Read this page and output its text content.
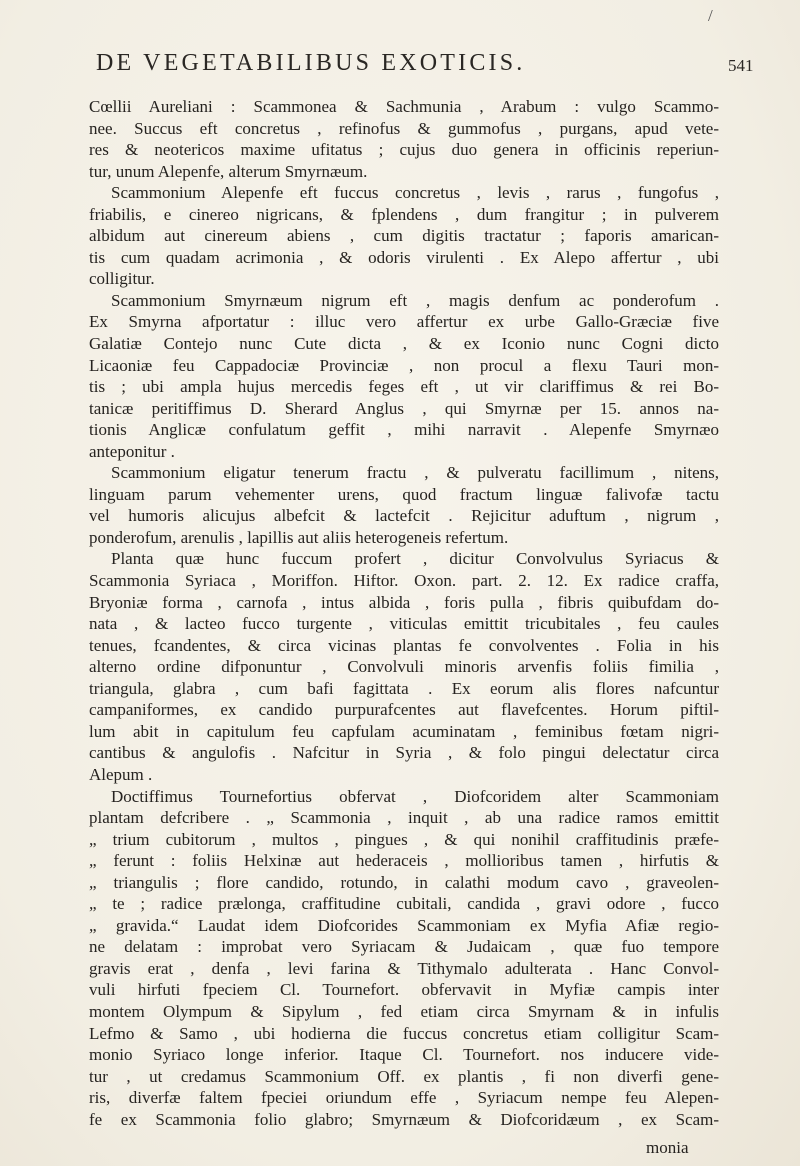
/
DE VEGETABILIBUS EXOTICIS.	541
Cœllii Aureliani : Scammonea & Sachmunia , Arabum : vulgo Scammo-
nee. Succus eft concretus , refinofus & gummofus , purgans, apud vete-
res & neotericos maxime ufitatus ; cujus duo genera in officinis reperiun-
tur, unum Alepenfe, alterum Smyrnæum.
Scammonium Alepenfe eft fuccus concretus , levis , rarus , fungofus ,
friabilis, e cinereo nigricans, & fplendens , dum frangitur ; in pulverem
albidum aut cinereum abiens , cum digitis tractatur ; faporis amarican-
tis cum quadam acrimonia , & odoris virulenti . Ex Alepo affertur , ubi
colligitur.
Scammonium Smyrnæum nigrum eft , magis denfum ac ponderofum .
Ex Smyrna afportatur : illuc vero affertur ex urbe Gallo-Græciæ five
Galatiæ Contejo nunc Cute dicta , & ex Iconio nunc Cogni dicto
Licaoniæ feu Cappadociæ Provinciæ , non procul a flexu Tauri mon-
tis ; ubi ampla hujus mercedis feges eft , ut vir clariffimus & rei Bo-
tanicæ peritiffimus D. Sherard Anglus , qui Smyrnæ per 15. annos na-
tionis Anglicæ confulatum geffit , mihi narravit . Alepenfe Smyrnæo
anteponitur .
Scammonium eligatur tenerum fractu , & pulveratu facillimum , nitens,
linguam parum vehementer urens, quod fractum linguæ falivofæ tactu
vel humoris alicujus albefcit & lactefcit . Rejicitur aduftum , nigrum ,
ponderofum, arenulis , lapillis aut aliis heterogeneis refertum.
Planta quæ hunc fuccum profert , dicitur Convolvulus Syriacus &
Scammonia Syriaca , Moriffon. Hiftor. Oxon. part. 2. 12. Ex radice craffa,
Bryoniæ forma , carnofa , intus albida , foris pulla , fibris quibufdam do-
nata , & lacteo fucco turgente , viticulas emittit tricubitales , feu caules
tenues, fcandentes, & circa vicinas plantas fe convolventes . Folia in his
alterno ordine difponuntur , Convolvuli minoris arvenfis foliis fimilia ,
triangula, glabra , cum bafi fagittata . Ex eorum alis flores nafcuntur
campaniformes, ex candido purpurafcentes aut flavefcentes. Horum piftil-
lum abit in capitulum feu capfulam acuminatam , feminibus fœtam nigri-
cantibus & angulofis . Nafcitur in Syria , & folo pingui delectatur circa
Alepum .
Doctiffimus Tournefortius obfervat , Diofcoridem alter Scammoniam
plantam defcribere . „ Scammonia , inquit , ab una radice ramos emittit
„ trium cubitorum , multos , pingues , & qui nonihil craffitudinis præfe-
„ ferunt : foliis Helxinæ aut hederaceis , mollioribus tamen , hirfutis &
„ triangulis ; flore candido, rotundo, in calathi modum cavo , graveolen-
„ te ; radice prælonga, craffitudine cubitali, candida , gravi odore , fucco
„ gravida.“ Laudat idem Diofcorides Scammoniam ex Myfia Afiæ regio-
ne delatam : improbat vero Syriacam & Judaicam , quæ fuo tempore
gravis erat , denfa , levi farina & Tithymalo adulterata . Hanc Convol-
vuli hirfuti fpeciem Cl. Tournefort. obfervavit in Myfiæ campis inter
montem Olympum & Sipylum , fed etiam circa Smyrnam & in infulis
Lefmo & Samo , ubi hodierna die fuccus concretus etiam colligitur Scam-
monio Syriaco longe inferior. Itaque Cl. Tournefort. nos inducere vide-
tur , ut credamus Scammonium Off. ex plantis , fi non diverfi gene-
ris, diverfæ faltem fpeciei oriundum effe , Syriacum nempe feu Alepen-
fe ex Scammonia folio glabro; Smyrnæum & Diofcoridæum , ex Scam-
monia
